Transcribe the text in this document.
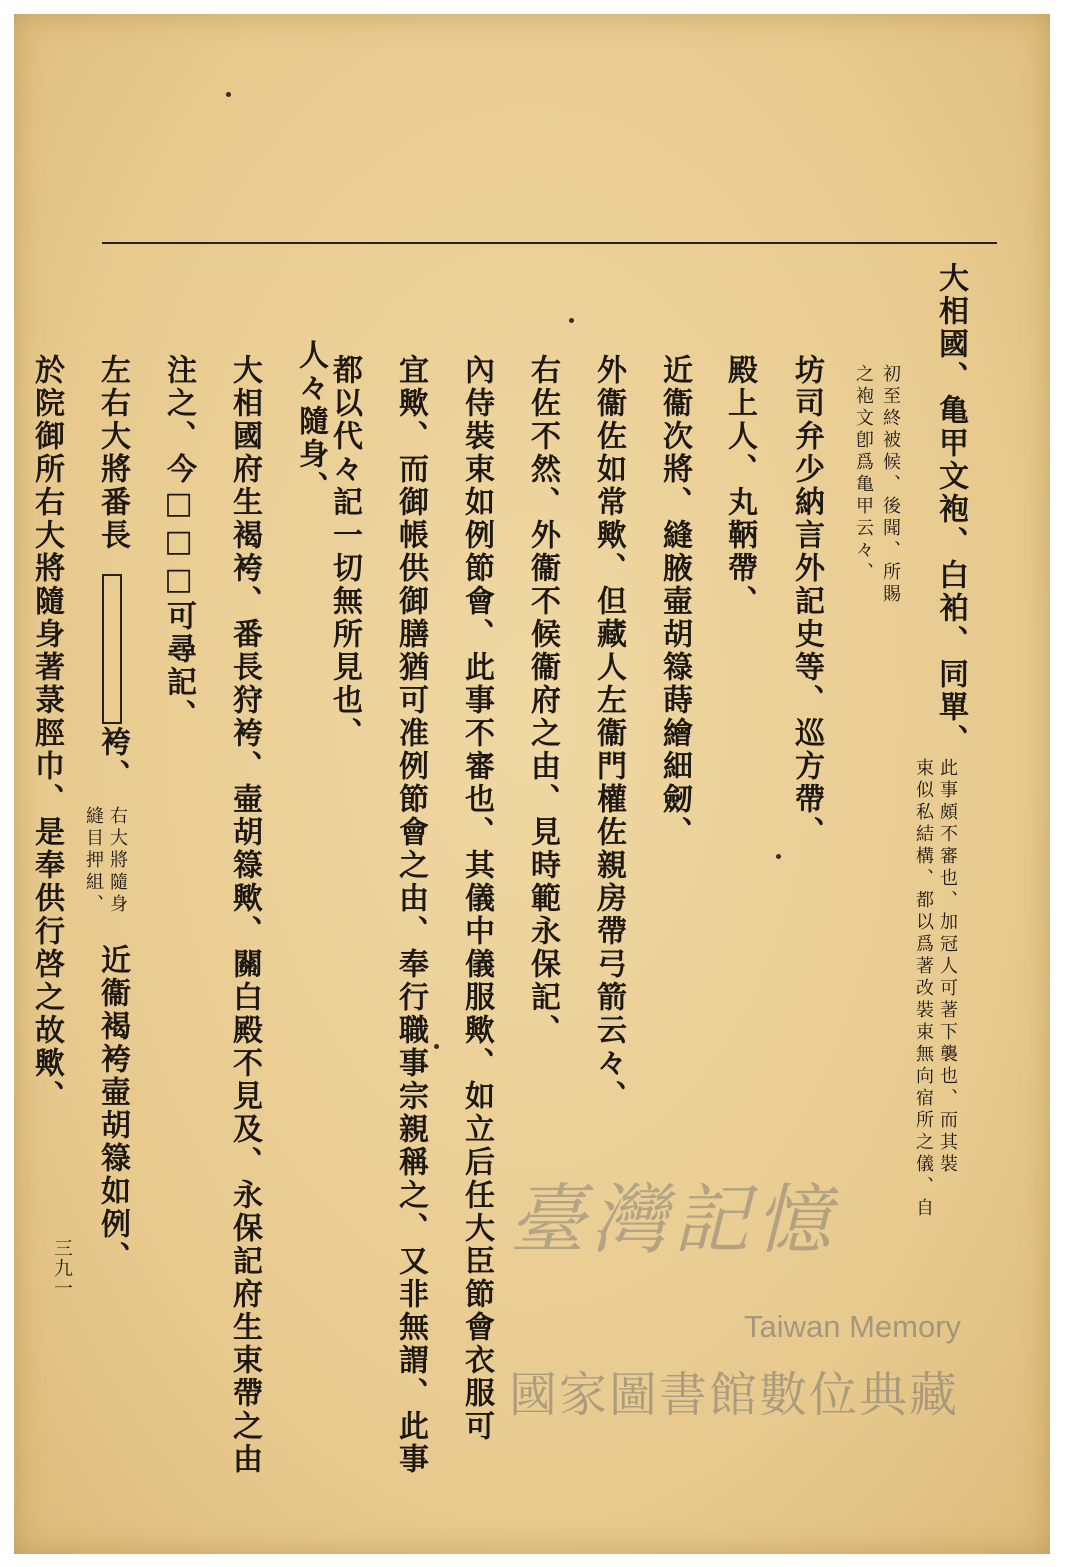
大相國、亀甲文袍、白袙、同單、
此事頗不審也、加冠人可著下襲也、而其裝
束似私結構、都以爲著改裝束無向宿所之儀、自
初至終被候、後聞、所賜
之袍文卽爲亀甲云々、
坊司弁少納言外記史等、巡方帶、
殿上人、丸鞆帶、
近衞次將、縫腋壷胡簶蒔繪細劒、
外衞佐如常歟、但藏人左衞門權佐親房帶弓箭云々、
右佐不然、外衞不候衞府之由、見時範永保記、
內侍裝束如例節會、此事不審也、其儀中儀服歟、如立后任大臣節會衣服可
宜歟、而御帳供御膳猶可准例節會之由、奉行職事宗親稱之、又非無謂、此事
都以代々記一切無所見也、
人々隨身、
大相國府生褐袴、番長狩袴、壷胡簶歟、關白殿不見及、永保記府生束帶之由
注之、今□□□可尋記、
左右大將番長
袴、
右大將隨身
縫目押組、
近衞褐袴壷胡簶如例、
於院御所右大將隨身著菉脛巾、是奉供行啓之故歟、
臺灣記憶
Taiwan Memory
國家圖書館數位典藏
三九一
